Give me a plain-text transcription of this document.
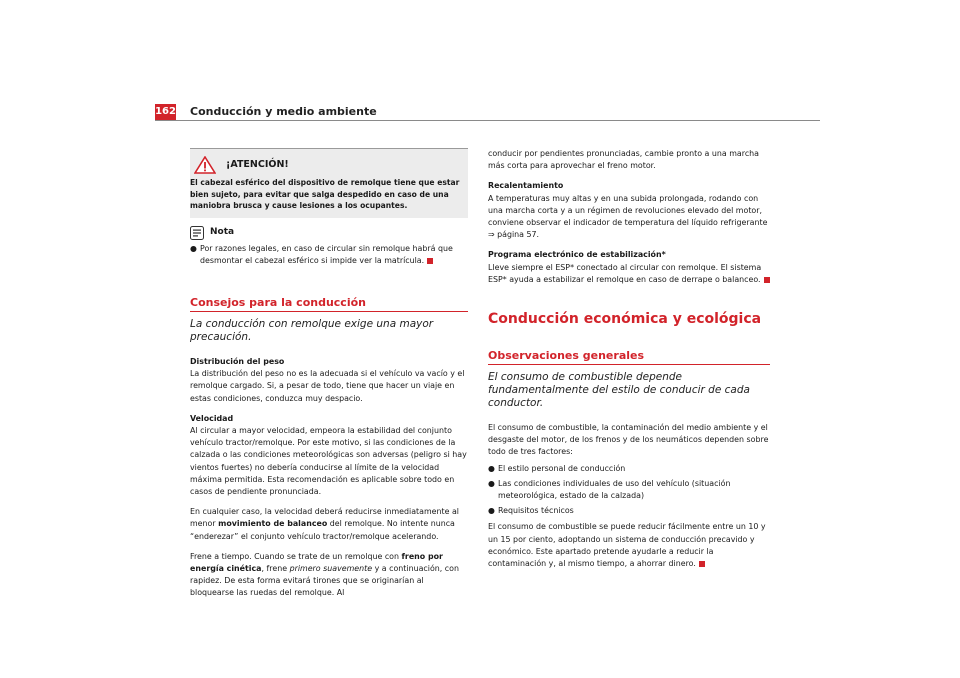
162 Conducción y medio ambiente
¡ATENCIÓN!

El cabezal esférico del dispositivo de remolque tiene que estar bien sujeto, para evitar que salga despedido en caso de una maniobra brusca y cause lesiones a los ocupantes.

Nota
● Por razones legales, en caso de circular sin remolque habrá que desmontar el cabezal esférico si impide ver la matrícula.
Consejos para la conducción
La conducción con remolque exige una mayor precaución.

Distribución del peso

La distribución del peso no es la adecuada si el vehículo va vacío y el remolque cargado. Si, a pesar de todo, tiene que hacer un viaje en estas condiciones, conduzca muy despacio.

Velocidad

Al circular a mayor velocidad, empeora la estabilidad del conjunto vehículo tractor/remolque. Por este motivo, si las condiciones de la calzada o las condiciones meteorológicas son adversas (peligro si hay vientos fuertes) no debería conducirse al límite de la velocidad máxima permitida. Esta recomendación es aplicable sobre todo en casos de pendiente pronunciada.

En cualquier caso, la velocidad deberá reducirse inmediatamente al menor movimiento de balanceo del remolque. No intente nunca “enderezar” el conjunto vehículo tractor/remolque acelerando.

Frene a tiempo. Cuando se trate de un remolque con freno por energía cinética, frene primero suavemente y a continuación, con rapidez. De esta forma evitará tirones que se originarían al bloquearse las ruedas del remolque. Al

conducir por pendientes pronunciadas, cambie pronto a una marcha más corta para aprovechar el freno motor.

Recalentamiento

A temperaturas muy altas y en una subida prolongada, rodando con una marcha corta y a un régimen de revoluciones elevado del motor, conviene observar el indicador de temperatura del líquido refrigerante ⇒ página 57.

Programa electrónico de estabilización*

Lleve siempre el ESP* conectado al circular con remolque. El sistema ESP* ayuda a estabilizar el remolque en caso de derrape o balanceo.

Conducción económica y ecológica
Observaciones generales
El consumo de combustible depende fundamentalmente del estilo de conducir de cada conductor.

El consumo de combustible, la contaminación del medio ambiente y el desgaste del motor, de los frenos y de los neumáticos dependen sobre todo de tres factores:

● El estilo personal de conducción
● Las condiciones individuales de uso del vehículo (situación meteorológica, estado de la calzada)
● Requisitos técnicos

El consumo de combustible se puede reducir fácilmente entre un 10 y un 15 por ciento, adoptando un sistema de conducción precavido y económico. Este apartado pretende ayudarle a reducir la contaminación y, al mismo tiempo, a ahorrar dinero.
